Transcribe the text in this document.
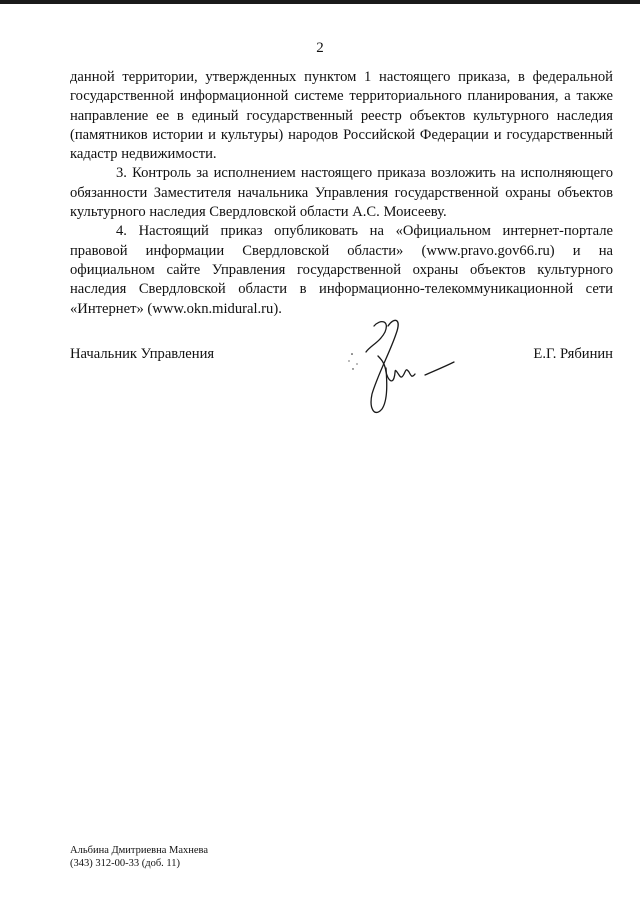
2

данной территории, утвержденных пунктом 1 настоящего приказа, в федеральной государственной информационной системе территориального планирования, а также направление ее в единый государственный реестр объектов культурного наследия (памятников истории и культуры) народов Российской Федерации и государственный кадастр недвижимости.

3. Контроль за исполнением настоящего приказа возложить на исполняющего обязанности Заместителя начальника Управления государственной охраны объектов культурного наследия Свердловской области А.С. Моисееву.

4. Настоящий приказ опубликовать на «Официальном интернет-портале правовой информации Свердловской области» (www.pravo.gov66.ru) и на официальном сайте Управления государственной охраны объектов культурного наследия Свердловской области в информационно-телекоммуникационной сети «Интернет» (www.okn.midural.ru).

Начальник Управления	Е.Г. Рябинин
Альбина Дмитриевна Махнева
(343) 312-00-33 (доб. 11)
